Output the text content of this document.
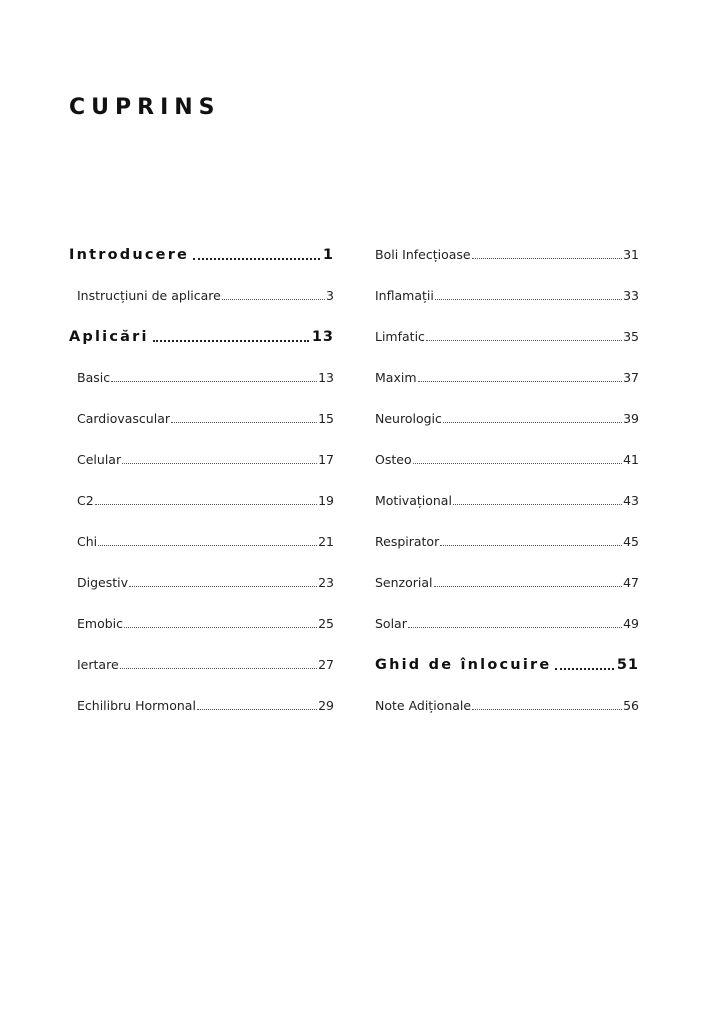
CUPRINS
Introducere	1
Instrucțiuni de aplicare	3
Aplicări	13
Basic	13
Cardiovascular	15
Celular	17
C2	19
Chi	21
Digestiv	23
Emobic	25
Iertare	27
Echilibru Hormonal	29
Boli Infecțioase	31
Inflamații	33
Limfatic	35
Maxim	37
Neurologic	39
Osteo	41
Motivațional	43
Respirator	45
Senzorial	47
Solar	49
Ghid de înlocuire	51
Note Adiționale	56
